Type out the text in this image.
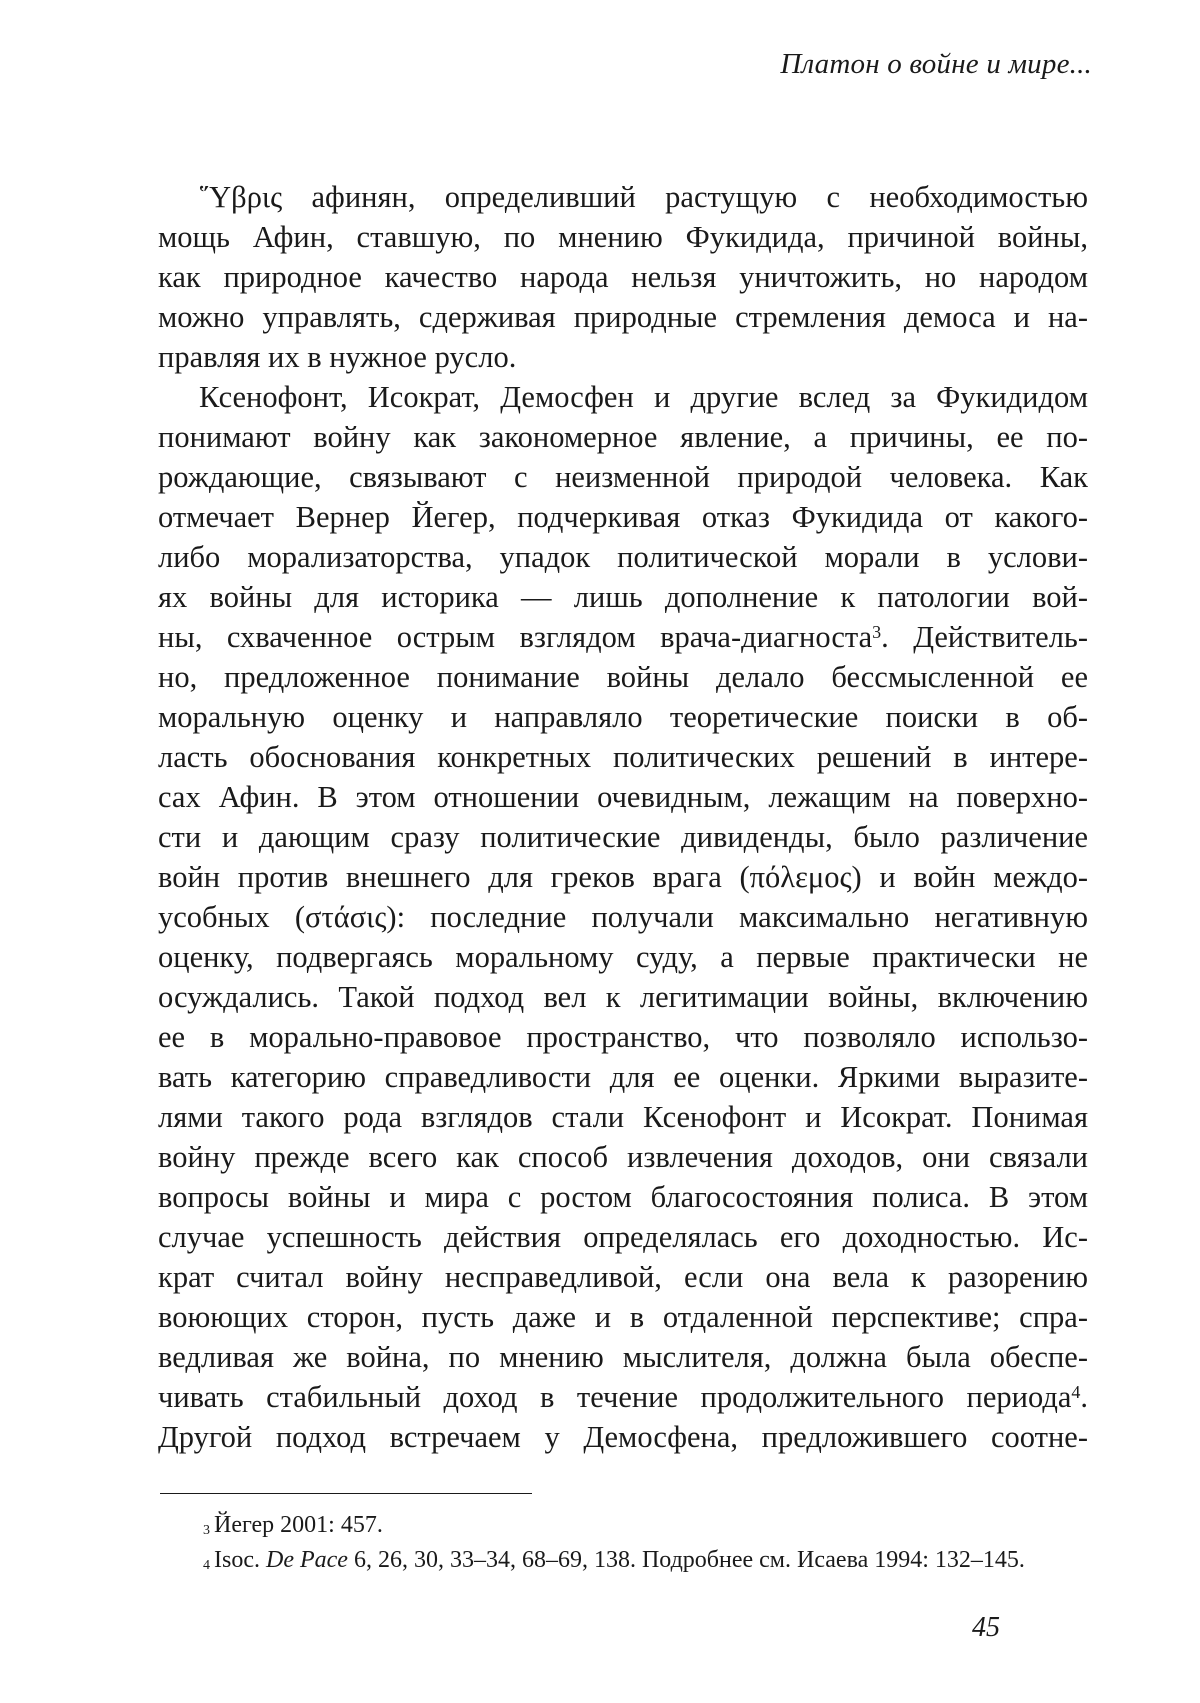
Платон о войне и мире...
῞Υβρις афинян, определивший растущую с необходимостью
мощь Афин, ставшую, по мнению Фукидида, причиной войны,
как природное качество народа нельзя уничтожить, но народом
можно управлять, сдерживая природные стремления демоса и на-
правляя их в нужное русло.
Ксенофонт, Исократ, Демосфен и другие вслед за Фукидидом
понимают войну как закономерное явление, а причины, ее по-
рождающие, связывают с неизменной природой человека. Как
отмечает Вернер Йегер, подчеркивая отказ Фукидида от какого-
либо морализаторства, упадок политической морали в услови-
ях войны для историка — лишь дополнение к патологии вой-
ны, схваченное острым взглядом врача-диагноста$^3$. Действитель-
но, предложенное понимание войны делало бессмысленной ее
моральную оценку и направляло теоретические поиски в об-
ласть обоснования конкретных политических решений в интере-
сах Афин. В этом отношении очевидным, лежащим на поверхно-
сти и дающим сразу политические дивиденды, было различение
войн против внешнего для греков врага (πόλεμος) и войн междо-
усобных (στάσις): последние получали максимально негативную
оценку, подвергаясь моральному суду, а первые практически не
осуждались. Такой подход вел к легитимации войны, включению
ее в морально-правовое пространство, что позволяло использо-
вать категорию справедливости для ее оценки. Яркими выразите-
лями такого рода взглядов стали Ксенофонт и Исократ. Понимая
войну прежде всего как способ извлечения доходов, они связали
вопросы войны и мира с ростом благосостояния полиса. В этом
случае успешность действия определялась его доходностью. Ис-
крат считал войну несправедливой, если она вела к разорению
воюющих сторон, пусть даже и в отдаленной перспективе; спра-
ведливая же война, по мнению мыслителя, должна была обеспе-
чивать стабильный доход в течение продолжительного периода$^4$.
Другой подход встречаем у Демосфена, предложившего соотне-
$^3$ Йегер 2001: 457.
$^4$ Isoc. De Pace 6, 26, 30, 33–34, 68–69, 138. Подробнее см. Исаева 1994: 132–145.
45
